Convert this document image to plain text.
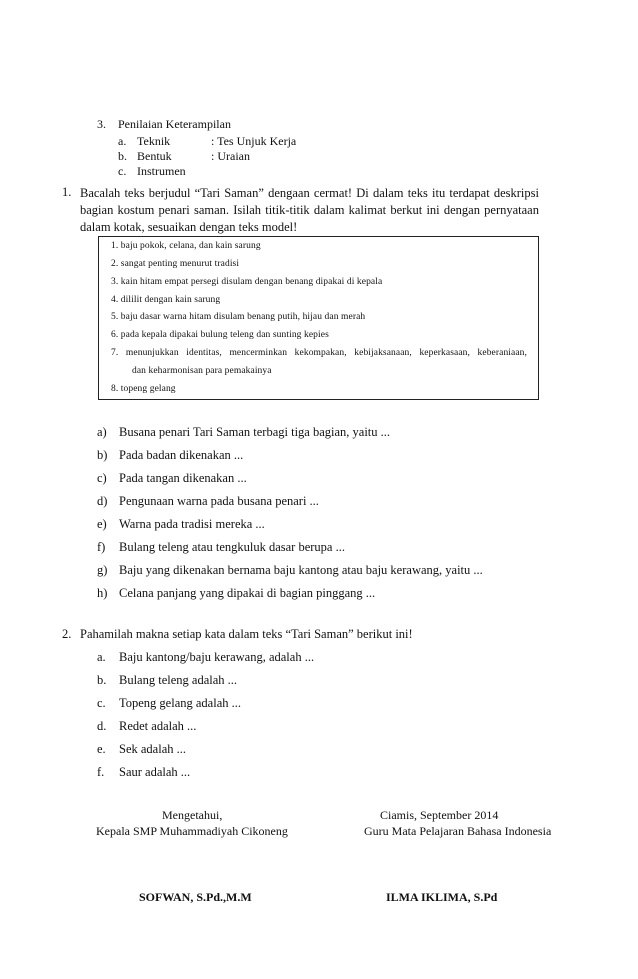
3. Penilaian Keterampilan
a. Teknik	: Tes Unjuk Kerja
b. Bentuk	: Uraian
c. Instrumen
1. Bacalah teks berjudul “Tari Saman” dengaan cermat! Di dalam teks itu terdapat deskripsi bagian kostum penari saman. Isilah titik-titik dalam kalimat berkut ini dengan pernyataan dalam kotak, sesuaikan dengan teks model!
1. baju pokok, celana, dan kain sarung
2. sangat penting menurut tradisi
3. kain hitam empat persegi disulam dengan benang dipakai di kepala
4. dililit dengan kain sarung
5. baju dasar warna hitam disulam benang putih, hijau dan merah
6. pada kepala dipakai bulung teleng dan sunting kepies
7. menunjukkan identitas, mencerminkan kekompakan, kebijaksanaan, keperkasaan, keberaniaan,
dan keharmonisan para pemakainya
8. topeng gelang
a) Busana penari Tari Saman terbagi tiga bagian, yaitu ...
b) Pada badan dikenakan ...
c) Pada tangan dikenakan ...
d) Pengunaan warna pada busana penari ...
e) Warna pada tradisi mereka ...
f) Bulang teleng atau tengkuluk dasar berupa ...
g) Baju yang dikenakan bernama baju kantong atau baju kerawang, yaitu ...
h) Celana panjang yang dipakai di bagian pinggang ...
2. Pahamilah makna setiap kata dalam teks “Tari Saman” berikut ini!
a. Baju kantong/baju kerawang, adalah ...
b. Bulang teleng adalah ...
c. Topeng gelang adalah ...
d. Redet adalah ...
e. Sek adalah ...
f. Saur adalah ...
Mengetahui,
Kepala SMP Muhammadiyah Cikoneng
SOFWAN, S.Pd.,M.M
Ciamis, September 2014
Guru Mata Pelajaran Bahasa Indonesia
ILMA IKLIMA, S.Pd
